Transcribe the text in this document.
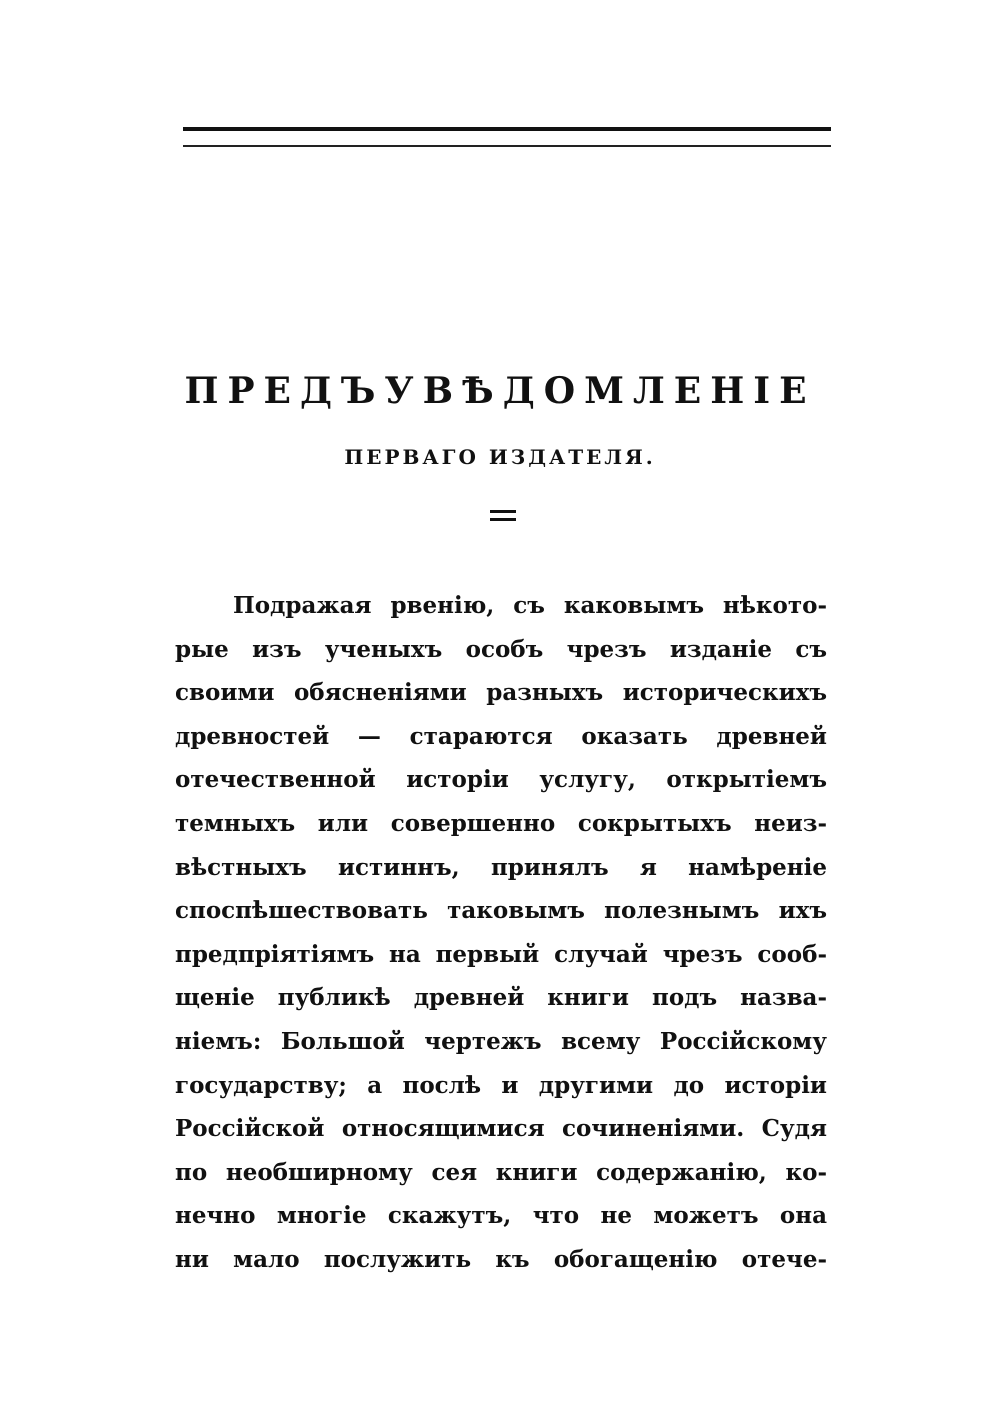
ПРЕДЪУВѢДОМЛЕНІЕ
ПЕРВАГО ИЗДАТЕЛЯ.
Подражая рвенію, съ каковымъ нѣкото-
рые изъ ученыхъ особъ чрезъ изданіе съ
своими обясненіями разныхъ историческихъ
древностей — стараются оказать древней
отечественной исторіи услугу, открытіемъ
темныхъ или совершенно сокрытыхъ неиз-
вѣстныхъ истиннъ, принялъ я намѣреніе
споспѣшествовать таковымъ полезнымъ ихъ
предпріятіямъ на первый случай чрезъ сооб-
щеніе публикѣ древней книги подъ назва-
ніемъ: Большой чертежъ всему Россійскому
государству; а послѣ и другими до исторіи
Россійской относящимися сочиненіями. Судя
по необширному сея книги содержанію, ко-
нечно многіе скажутъ, что не можетъ она
ни мало послужить къ обогащенію отече-
